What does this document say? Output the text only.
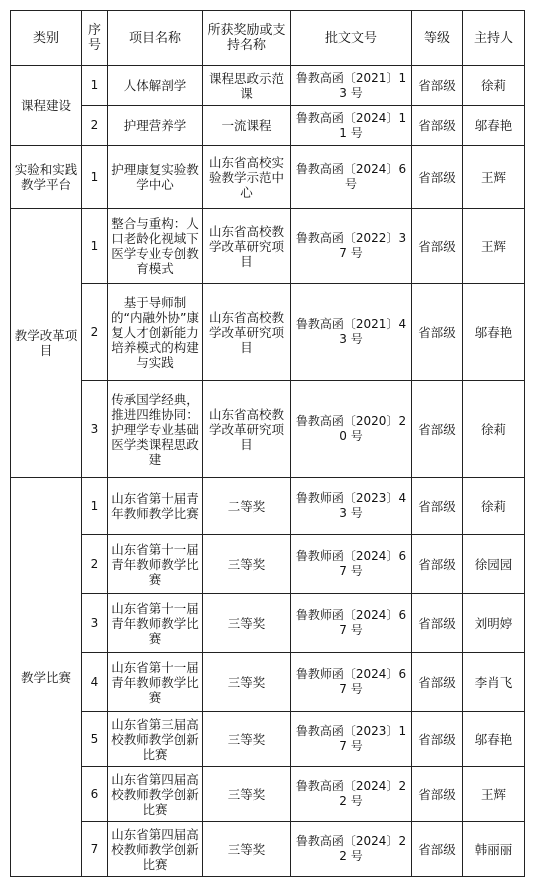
类别	序号	项目名称	所获奖励或支持名称	批文文号	等级	主持人
课程建设	1	人体解剖学	课程思政示范课	鲁教高函〔2021〕13 号	省部级	徐莉
	2	护理营养学	一流课程	鲁教高函〔2024〕11 号	省部级	邬春艳
实验和实践教学平台	1	护理康复实验教学中心	山东省高校实验教学示范中心	鲁教高函〔2024〕6 号	省部级	王辉
教学改革项目	1	整合与重构：人口老龄化视域下医学专业专创教育模式	山东省高校教学改革研究项目	鲁教高函〔2022〕37 号	省部级	王辉
	2	基于导师制的“内融外协”康复人才创新能力培养模式的构建与实践	山东省高校教学改革研究项目	鲁教高函〔2021〕43 号	省部级	邬春艳
	3	传承国学经典，推进四维协同：护理学专业基础医学类课程思政建	山东省高校教学改革研究项目	鲁教高函〔2020〕20 号	省部级	徐莉
教学比赛	1	山东省第十届青年教师教学比赛	二等奖	鲁教师函〔2023〕43 号	省部级	徐莉
	2	山东省第十一届青年教师教学比赛	三等奖	鲁教师函〔2024〕67 号	省部级	徐园园
	3	山东省第十一届青年教师教学比赛	三等奖	鲁教师函〔2024〕67 号	省部级	刘明婷
	4	山东省第十一届青年教师教学比赛	三等奖	鲁教师函〔2024〕67 号	省部级	李肖飞
	5	山东省第三届高校教师教学创新比赛	三等奖	鲁教高函〔2023〕17 号	省部级	邬春艳
	6	山东省第四届高校教师教学创新比赛	三等奖	鲁教高函〔2024〕22 号	省部级	王辉
	7	山东省第四届高校教师教学创新比赛	三等奖	鲁教高函〔2024〕22 号	省部级	韩丽丽
